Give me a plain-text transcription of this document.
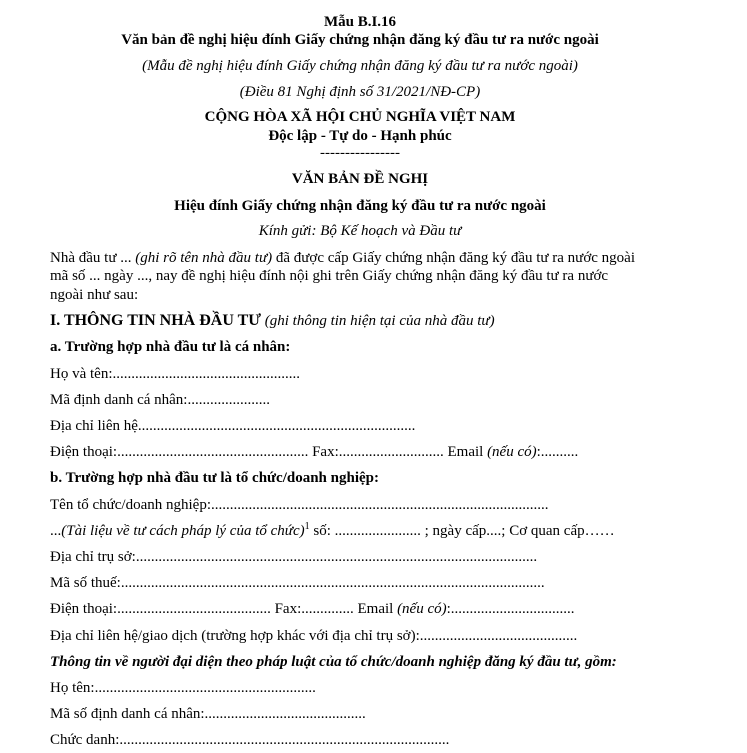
Mẫu B.I.16
Văn bản đề nghị hiệu đính Giấy chứng nhận đăng ký đầu tư ra nước ngoài
(Mẫu đề nghị hiệu đính Giấy chứng nhận đăng ký đầu tư ra nước ngoài)
(Điều 81 Nghị định số 31/2021/NĐ-CP)
CỘNG HÒA XÃ HỘI CHỦ NGHĨA VIỆT NAM
Độc lập - Tự do - Hạnh phúc
----------------
VĂN BẢN ĐỀ NGHỊ
Hiệu đính Giấy chứng nhận đăng ký đầu tư ra nước ngoài
Kính gửi: Bộ Kế hoạch và Đầu tư
Nhà đầu tư ... (ghi rõ tên nhà đầu tư) đã được cấp Giấy chứng nhận đăng ký đầu tư ra nước ngoài
mã số ... ngày ..., nay đề nghị hiệu đính nội ghi trên Giấy chứng nhận đăng ký đầu tư ra nước
ngoài như sau:
I. THÔNG TIN NHÀ ĐẦU TƯ (ghi thông tin hiện tại của nhà đầu tư)
a. Trường hợp nhà đầu tư là cá nhân:
Họ và tên:..................................................
Mã định danh cá nhân:......................
Địa chỉ liên hệ..........................................................................
Điện thoại:................................................... Fax:............................ Email (nếu có):..........
b. Trường hợp nhà đầu tư là tổ chức/doanh nghiệp:
Tên tổ chức/doanh nghiệp:..........................................................................................
...(Tài liệu về tư cách pháp lý của tổ chức)$^1$ số: ....................... ; ngày cấp....; Cơ quan cấp……
Địa chỉ trụ sở:...........................................................................................................
Mã số thuế:.................................................................................................................
Điện thoại:......................................... Fax:.............. Email (nếu có):.................................
Địa chỉ liên hệ/giao dịch (trường hợp khác với địa chỉ trụ sở):..........................................
Thông tin về người đại diện theo pháp luật của tổ chức/doanh nghiệp đăng ký đầu tư, gồm:
Họ tên:...........................................................
Mã số định danh cá nhân:...........................................
Chức danh:........................................................................................
